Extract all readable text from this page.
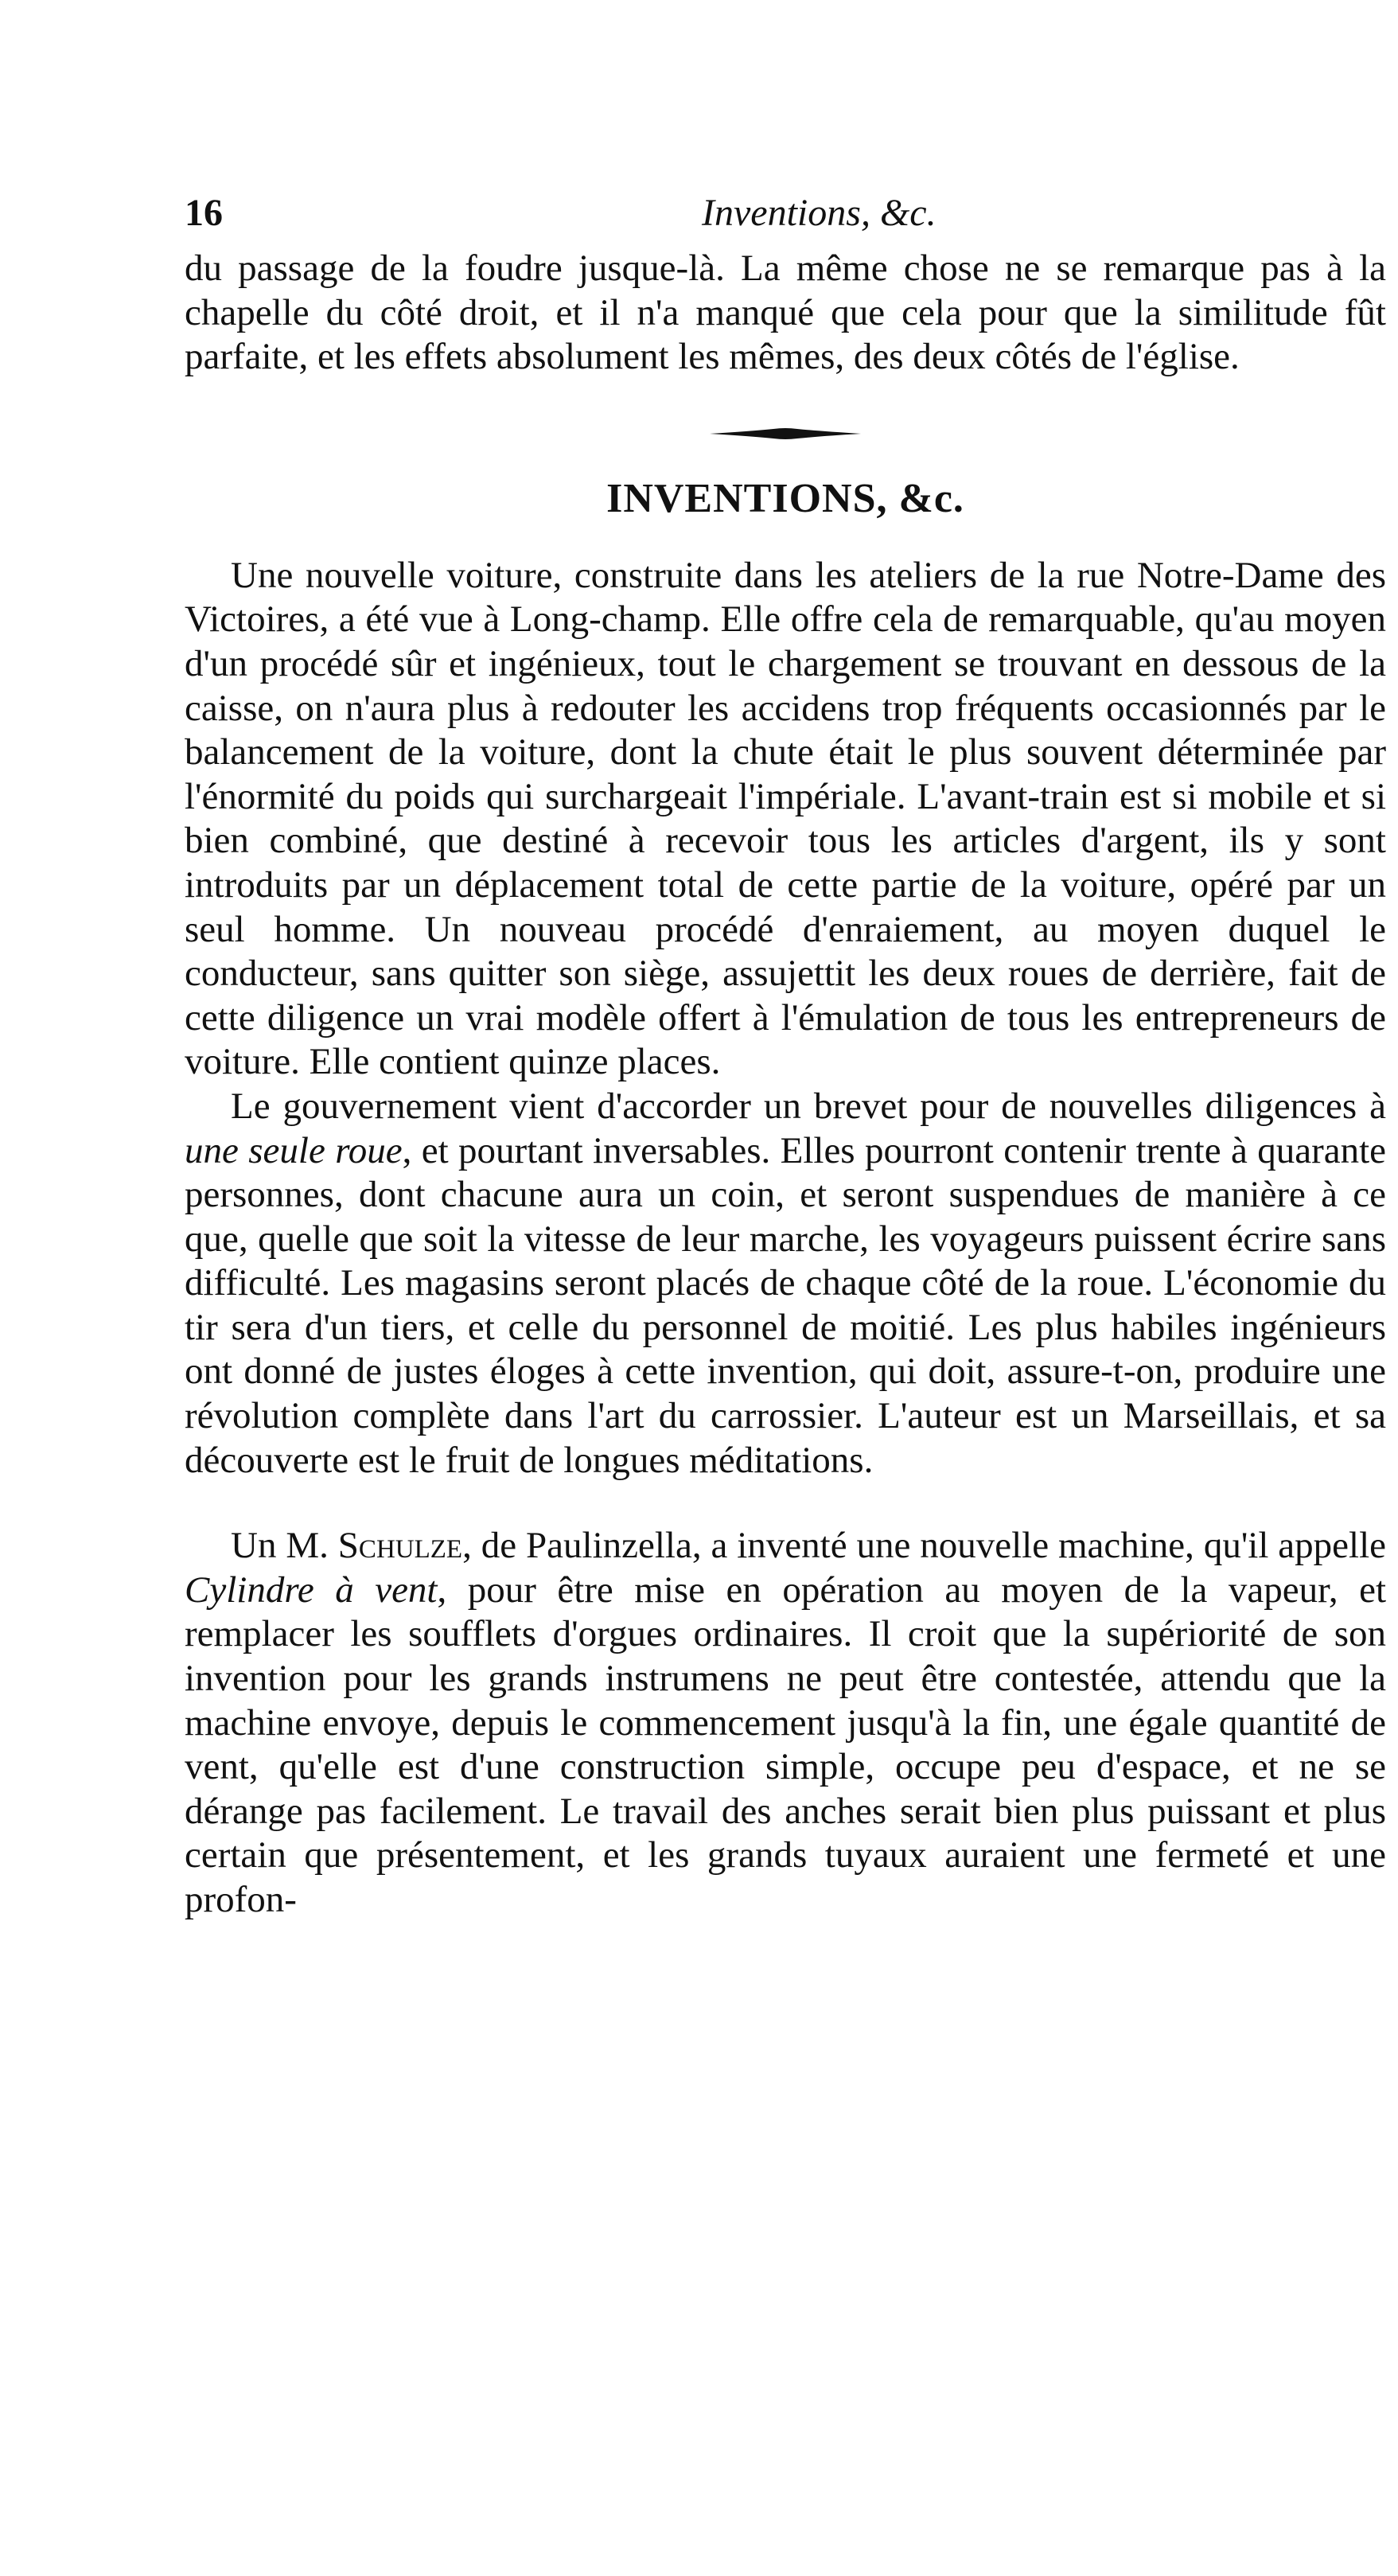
16	Inventions, &c.

du passage de la foudre jusque-là. La même chose ne se remarque pas à la chapelle du côté droit, et il n'a manqué que cela pour que la similitude fût parfaite, et les effets absolument les mêmes, des deux côtés de l'église.

INVENTIONS, &c.

Une nouvelle voiture, construite dans les ateliers de la rue Notre-Dame des Victoires, a été vue à Long-champ. Elle offre cela de remarquable, qu'au moyen d'un procédé sûr et ingénieux, tout le chargement se trouvant en dessous de la caisse, on n'aura plus à redouter les accidens trop fréquents occasionnés par le balancement de la voiture, dont la chute était le plus souvent déterminée par l'énormité du poids qui surchargeait l'impériale. L'avant-train est si mobile et si bien combiné, que destiné à recevoir tous les articles d'argent, ils y sont introduits par un déplacement total de cette partie de la voiture, opéré par un seul homme. Un nouveau procédé d'enraiement, au moyen duquel le conducteur, sans quitter son siège, assujettit les deux roues de derrière, fait de cette diligence un vrai modèle offert à l'émulation de tous les entrepreneurs de voiture. Elle contient quinze places.

Le gouvernement vient d'accorder un brevet pour de nouvelles diligences à une seule roue, et pourtant inversables. Elles pourront contenir trente à quarante personnes, dont chacune aura un coin, et seront suspendues de manière à ce que, quelle que soit la vitesse de leur marche, les voyageurs puissent écrire sans difficulté. Les magasins seront placés de chaque côté de la roue. L'économie du tir sera d'un tiers, et celle du personnel de moitié. Les plus habiles ingénieurs ont donné de justes éloges à cette invention, qui doit, assure-t-on, produire une révolution complète dans l'art du carrossier. L'auteur est un Marseillais, et sa découverte est le fruit de longues méditations.

Un M. Schulze, de Paulinzella, a inventé une nouvelle machine, qu'il appelle Cylindre à vent, pour être mise en opération au moyen de la vapeur, et remplacer les soufflets d'orgues ordinaires. Il croit que la supériorité de son invention pour les grands instrumens ne peut être contestée, attendu que la machine envoye, depuis le commencement jusqu'à la fin, une égale quantité de vent, qu'elle est d'une construction simple, occupe peu d'espace, et ne se dérange pas facilement. Le travail des anches serait bien plus puissant et plus certain que présentement, et les grands tuyaux auraient une fermeté et une profon-
